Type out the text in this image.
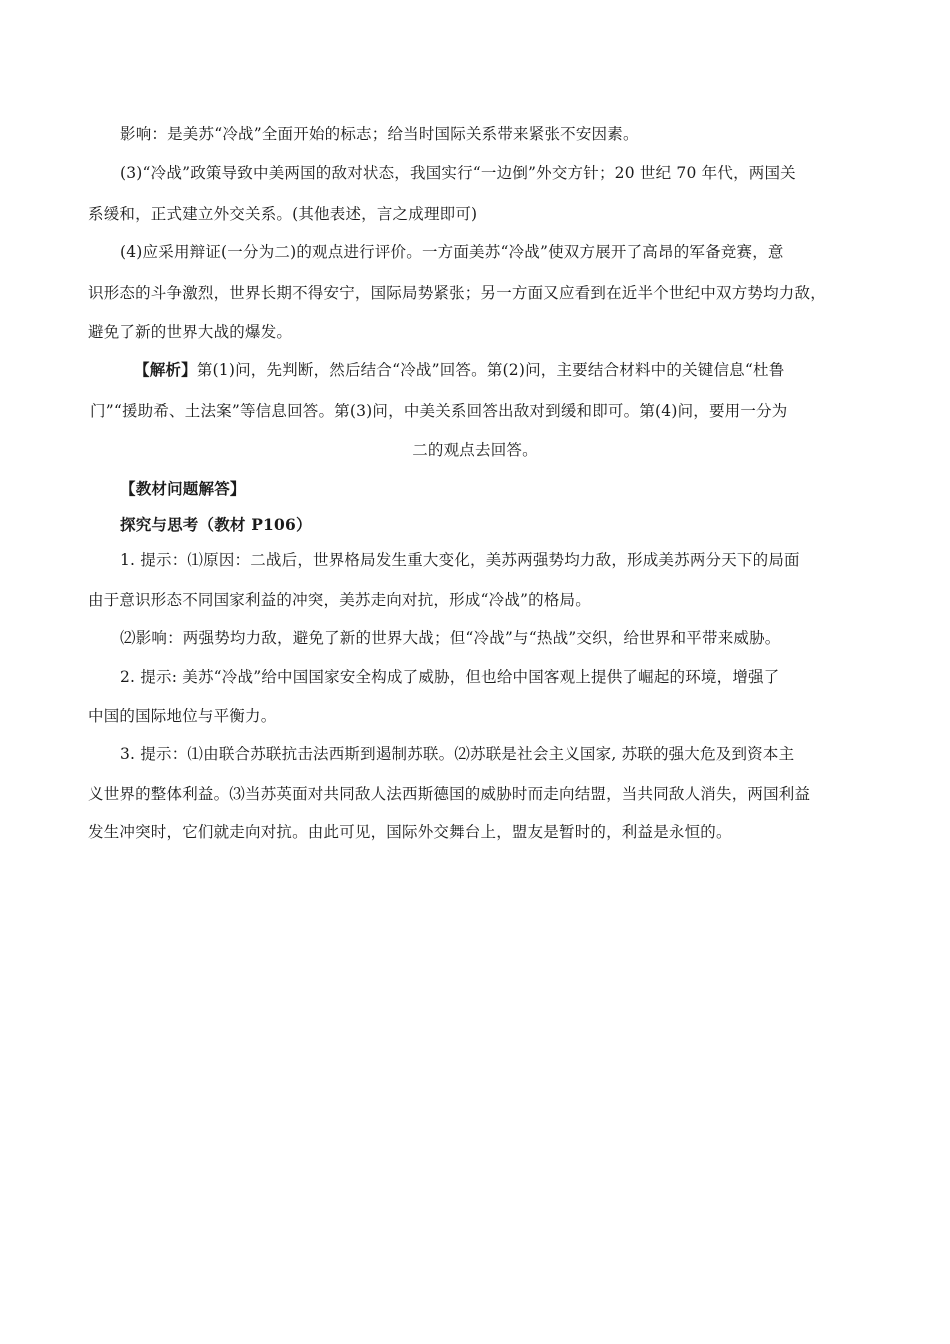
影响：是美苏“冷战”全面开始的标志；给当时国际关系带来紧张不安因素。
(3)“冷战”政策导致中美两国的敌对状态，我国实行“一边倒”外交方针；20 世纪 70 年代，两国关
系缓和，正式建立外交关系。(其他表述，言之成理即可)
(4)应采用辩证(一分为二)的观点进行评价。一方面美苏“冷战”使双方展开了高昂的军备竞赛，意
识形态的斗争激烈，世界长期不得安宁，国际局势紧张；另一方面又应看到在近半个世纪中双方势均力敌，
避免了新的世界大战的爆发。
【解析】第(1)问，先判断，然后结合“冷战”回答。第(2)问，主要结合材料中的关键信息“杜鲁
门”“援助希、土法案”等信息回答。第(3)问，中美关系回答出敌对到缓和即可。第(4)问，要用一分为
二的观点去回答。
【教材问题解答】
探究与思考（教材 P106）
1. 提示：⑴原因：二战后，世界格局发生重大变化，美苏两强势均力敌，形成美苏两分天下的局面
由于意识形态不同国家利益的冲突，美苏走向对抗，形成“冷战”的格局。
⑵影响：两强势均力敌，避免了新的世界大战；但“冷战”与“热战”交织，给世界和平带来威胁。
2. 提示: 美苏“冷战”给中国国家安全构成了威胁，但也给中国客观上提供了崛起的环境，增强了
中国的国际地位与平衡力。
3. 提示：⑴由联合苏联抗击法西斯到遏制苏联。⑵苏联是社会主义国家, 苏联的强大危及到资本主
义世界的整体利益。⑶当苏英面对共同敌人法西斯德国的威胁时而走向结盟，当共同敌人消失，两国利益
发生冲突时，它们就走向对抗。由此可见，国际外交舞台上，盟友是暂时的，利益是永恒的。
